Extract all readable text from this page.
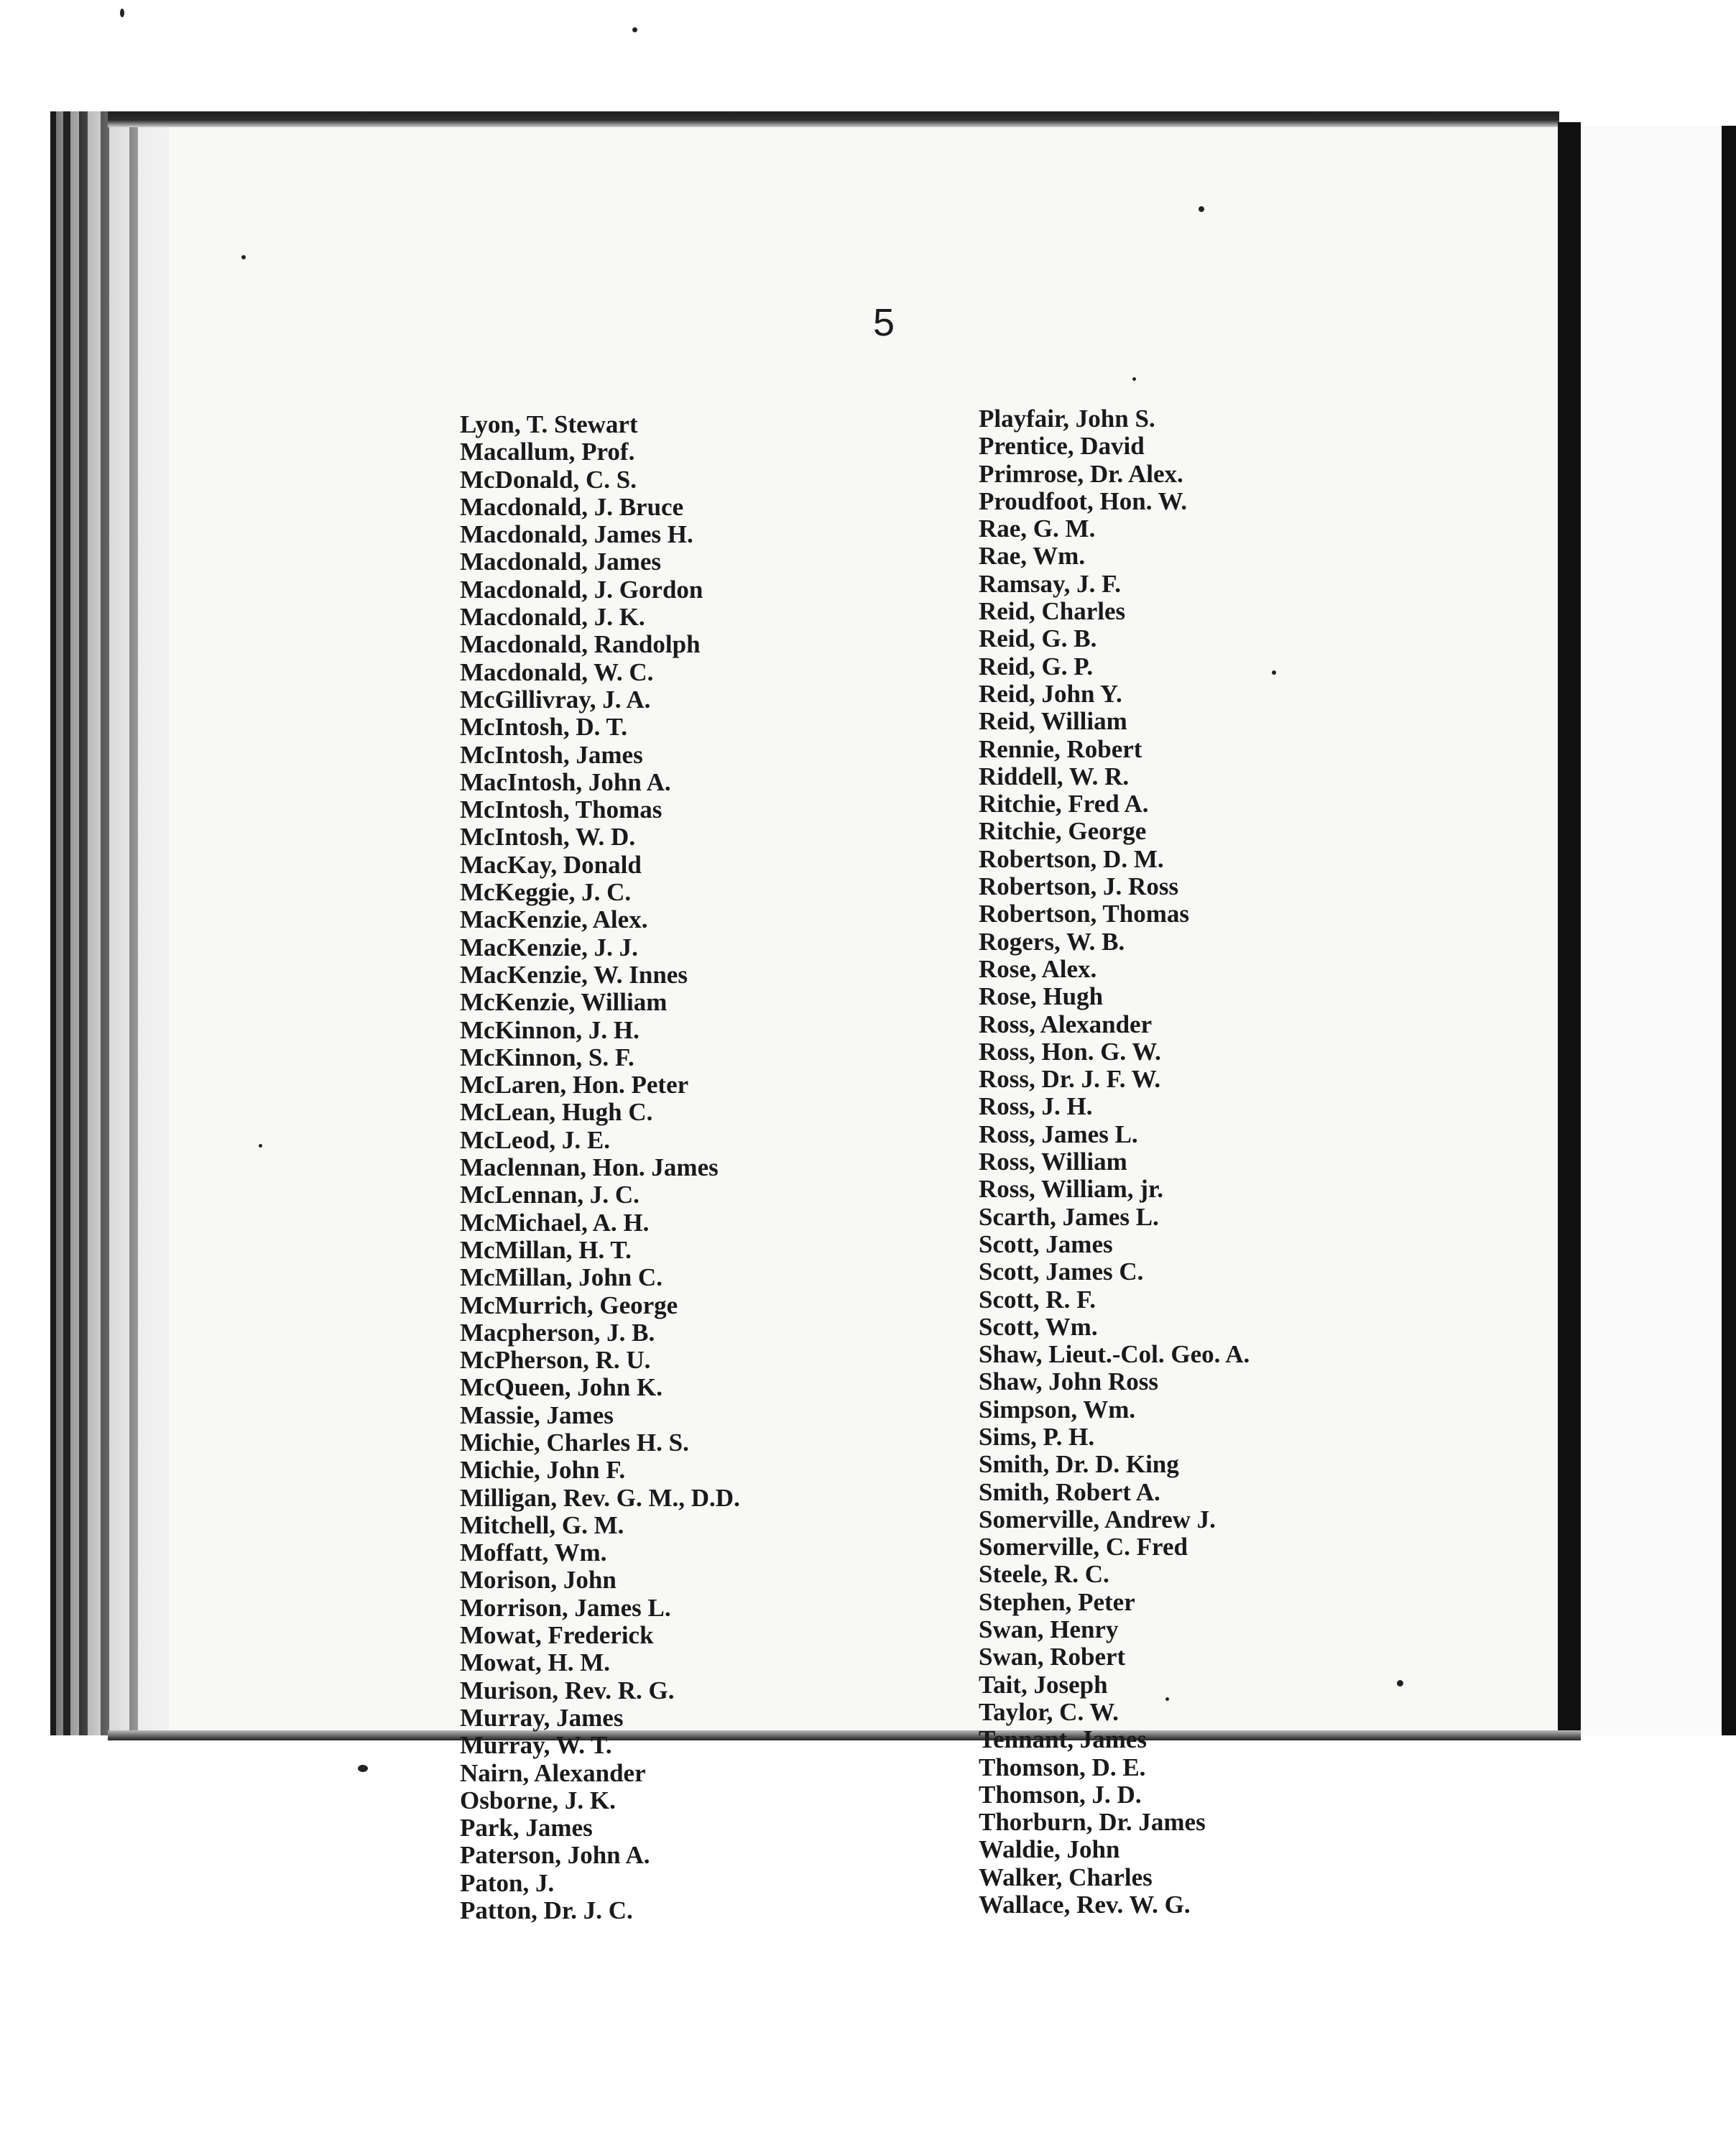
5
Lyon, T. Stewart
Macallum, Prof.
McDonald, C. S.
Macdonald, J. Bruce
Macdonald, James H.
Macdonald, James
Macdonald, J. Gordon
Macdonald, J. K.
Macdonald, Randolph
Macdonald, W. C.
McGillivray, J. A.
McIntosh, D. T.
McIntosh, James
MacIntosh, John A.
McIntosh, Thomas
McIntosh, W. D.
MacKay, Donald
McKeggie, J. C.
MacKenzie, Alex.
MacKenzie, J. J.
MacKenzie, W. Innes
McKenzie, William
McKinnon, J. H.
McKinnon, S. F.
McLaren, Hon. Peter
McLean, Hugh C.
McLeod, J. E.
Maclennan, Hon. James
McLennan, J. C.
McMichael, A. H.
McMillan, H. T.
McMillan, John C.
McMurrich, George
Macpherson, J. B.
McPherson, R. U.
McQueen, John K.
Massie, James
Michie, Charles H. S.
Michie, John F.
Milligan, Rev. G. M., D.D.
Mitchell, G. M.
Moffatt, Wm.
Morison, John
Morrison, James L.
Mowat, Frederick
Mowat, H. M.
Murison, Rev. R. G.
Murray, James
Murray, W. T.
Nairn, Alexander
Osborne, J. K.
Park, James
Paterson, John A.
Paton, J.
Patton, Dr. J. C.
Playfair, John S.
Prentice, David
Primrose, Dr. Alex.
Proudfoot, Hon. W.
Rae, G. M.
Rae, Wm.
Ramsay, J. F.
Reid, Charles
Reid, G. B.
Reid, G. P.
Reid, John Y.
Reid, William
Rennie, Robert
Riddell, W. R.
Ritchie, Fred A.
Ritchie, George
Robertson, D. M.
Robertson, J. Ross
Robertson, Thomas
Rogers, W. B.
Rose, Alex.
Rose, Hugh
Ross, Alexander
Ross, Hon. G. W.
Ross, Dr. J. F. W.
Ross, J. H.
Ross, James L.
Ross, William
Ross, William, jr.
Scarth, James L.
Scott, James
Scott, James C.
Scott, R. F.
Scott, Wm.
Shaw, Lieut.-Col. Geo. A.
Shaw, John Ross
Simpson, Wm.
Sims, P. H.
Smith, Dr. D. King
Smith, Robert A.
Somerville, Andrew J.
Somerville, C. Fred
Steele, R. C.
Stephen, Peter
Swan, Henry
Swan, Robert
Tait, Joseph
Taylor, C. W.
Tennant, James
Thomson, D. E.
Thomson, J. D.
Thorburn, Dr. James
Waldie, John
Walker, Charles
Wallace, Rev. W. G.
